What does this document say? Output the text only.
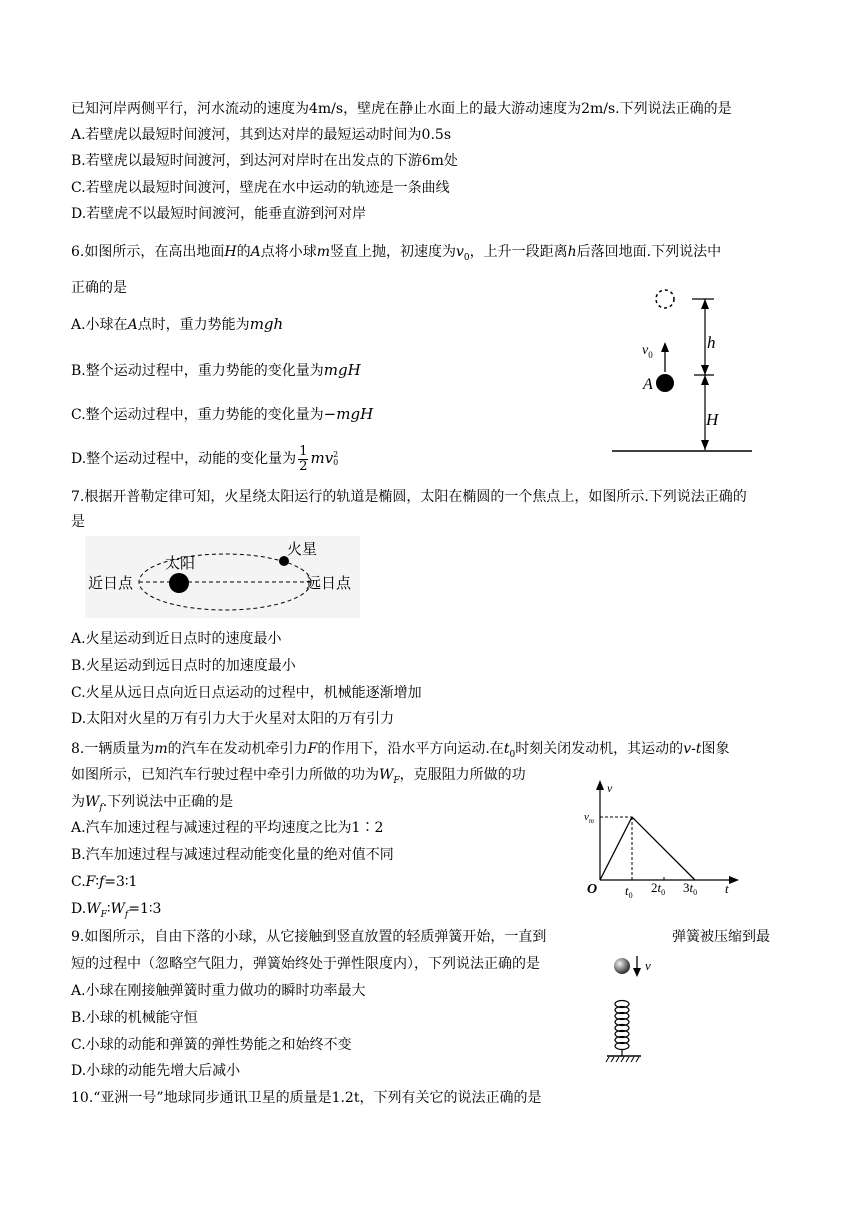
已知河岸两侧平行，河水流动的速度为4m/s，壁虎在静止水面上的最大游动速度为2m/s.下列说法正确的是
A.若壁虎以最短时间渡河，其到达对岸的最短运动时间为0.5s
B.若壁虎以最短时间渡河，到达河对岸时在出发点的下游6m处
C.若壁虎以最短时间渡河，壁虎在水中运动的轨迹是一条曲线
D.若壁虎不以最短时间渡河，能垂直游到河对岸
6.如图所示，在高出地面H的A点将小球m竖直上抛，初速度为$v_0$，上升一段距离h后落回地面.下列说法中
正确的是
A.小球在A点时，重力势能为mgh
B.整个运动过程中，重力势能的变化量为mgH
C.整个运动过程中，重力势能的变化量为−mgH
D.整个运动过程中，动能的变化量为 $\frac{1}{2}$ mv 2
0
$v_0$
A
h
H
7.根据开普勒定律可知，火星绕太阳运行的轨道是椭圆，太阳在椭圆的一个焦点上，如图所示.下列说法正确的
是
太阳
火星
近日点	远日点
A.火星运动到近日点时的速度最小
B.火星运动到远日点时的加速度最小
C.火星从远日点向近日点运动的过程中，机械能逐渐增加
D.太阳对火星的万有引力大于火星对太阳的万有引力
8.一辆质量为m的汽车在发动机牵引力F的作用下，沿水平方向运动.在$t_0$时刻关闭发动机，其运动的v-t图象
如图所示，已知汽车行驶过程中牵引力所做的功为$W_F$，克服阻力所做的功
为$W_f$.下列说法中正确的是
A.汽车加速过程与减速过程的平均速度之比为1∶2
B.汽车加速过程与减速过程动能变化量的绝对值不同
C.F∶f=3∶1
$D.W_F∶W_f=1∶3$
v
$v_m$
O	t
$t_0$
$2t_0$ $3t_0$
9.如图所示，自由下落的小球，从它接触到竖直放置的轻质弹簧开始，一直到	弹簧被压缩到最
短的过程中（忽略空气阻力，弹簧始终处于弹性限度内），下列说法正确的是
A.小球在刚接触弹簧时重力做功的瞬时功率最大
B.小球的机械能守恒
C.小球的动能和弹簧的弹性势能之和始终不变
D.小球的动能先增大后减小
v
10.“亚洲一号”地球同步通讯卫星的质量是1.2t，下列有关它的说法正确的是
